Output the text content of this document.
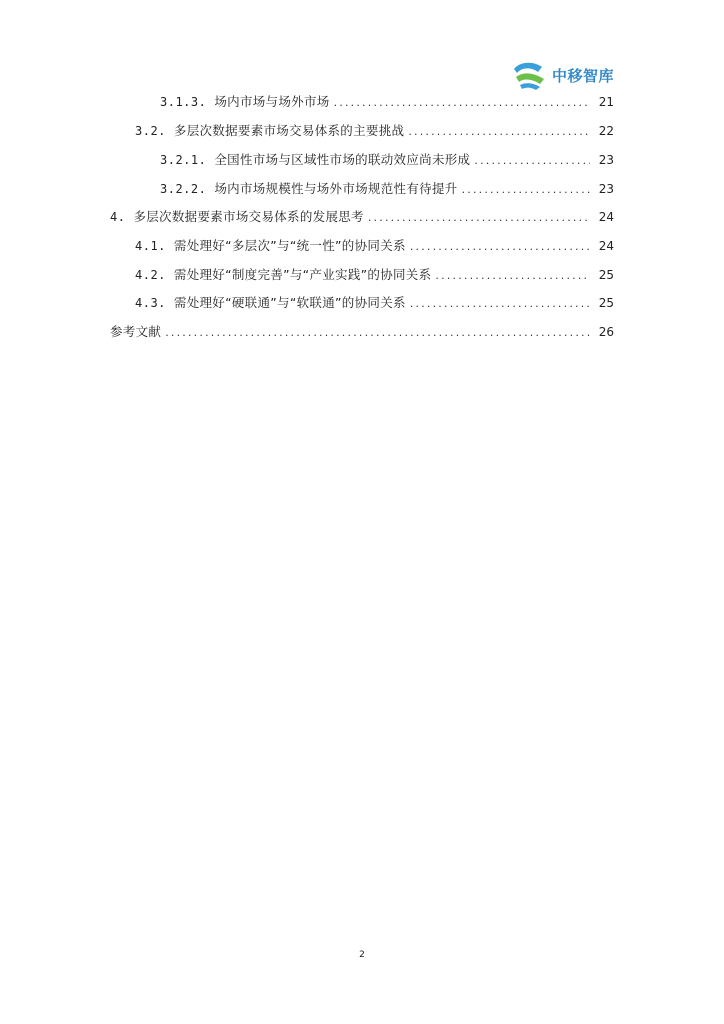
中移智库
3.1.3. 场内市场与场外市场 .....	21
3.2. 多层次数据要素市场交易体系的主要挑战 .....	22
3.2.1. 全国性市场与区域性市场的联动效应尚未形成 .....	23
3.2.2. 场内市场规模性与场外市场规范性有待提升 .....	23
4. 多层次数据要素市场交易体系的发展思考 .....	24
4.1. 需处理好“多层次”与“统一性”的协同关系 .....	24
4.2. 需处理好“制度完善”与“产业实践”的协同关系 .....	25
4.3. 需处理好“硬联通”与“软联通”的协同关系 .....	25
参考文献 .....	26
2
